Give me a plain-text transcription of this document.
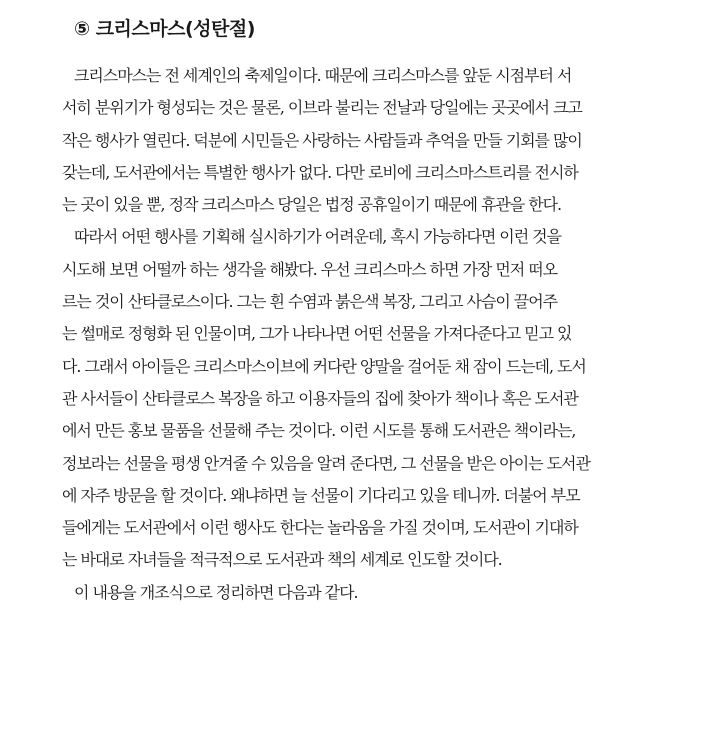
⑤ 크리스마스(성탄절)
크리스마스는 전 세계인의 축제일이다. 때문에 크리스마스를 앞둔 시점부터 서
서히 분위기가 형성되는 것은 물론, 이브라 불리는 전날과 당일에는 곳곳에서 크고
작은 행사가 열린다. 덕분에 시민들은 사랑하는 사람들과 추억을 만들 기회를 많이
갖는데, 도서관에서는 특별한 행사가 없다. 다만 로비에 크리스마스트리를 전시하
는 곳이 있을 뿐, 정작 크리스마스 당일은 법정 공휴일이기 때문에 휴관을 한다.
따라서 어떤 행사를 기획해 실시하기가 어려운데, 혹시 가능하다면 이런 것을
시도해 보면 어떨까 하는 생각을 해봤다. 우선 크리스마스 하면 가장 먼저 떠오
르는 것이 산타클로스이다. 그는 흰 수염과 붉은색 복장, 그리고 사슴이 끌어주
는 썰매로 정형화 된 인물이며, 그가 나타나면 어떤 선물을 가져다준다고 믿고 있
다. 그래서 아이들은 크리스마스이브에 커다란 양말을 걸어둔 채 잠이 드는데, 도서
관 사서들이 산타클로스 복장을 하고 이용자들의 집에 찾아가 책이나 혹은 도서관
에서 만든 홍보 물품을 선물해 주는 것이다. 이런 시도를 통해 도서관은 책이라는,
정보라는 선물을 평생 안겨줄 수 있음을 알려 준다면, 그 선물을 받은 아이는 도서관
에 자주 방문을 할 것이다. 왜냐하면 늘 선물이 기다리고 있을 테니까. 더불어 부모
들에게는 도서관에서 이런 행사도 한다는 놀라움을 가질 것이며, 도서관이 기대하
는 바대로 자녀들을 적극적으로 도서관과 책의 세계로 인도할 것이다.
이 내용을 개조식으로 정리하면 다음과 같다.
